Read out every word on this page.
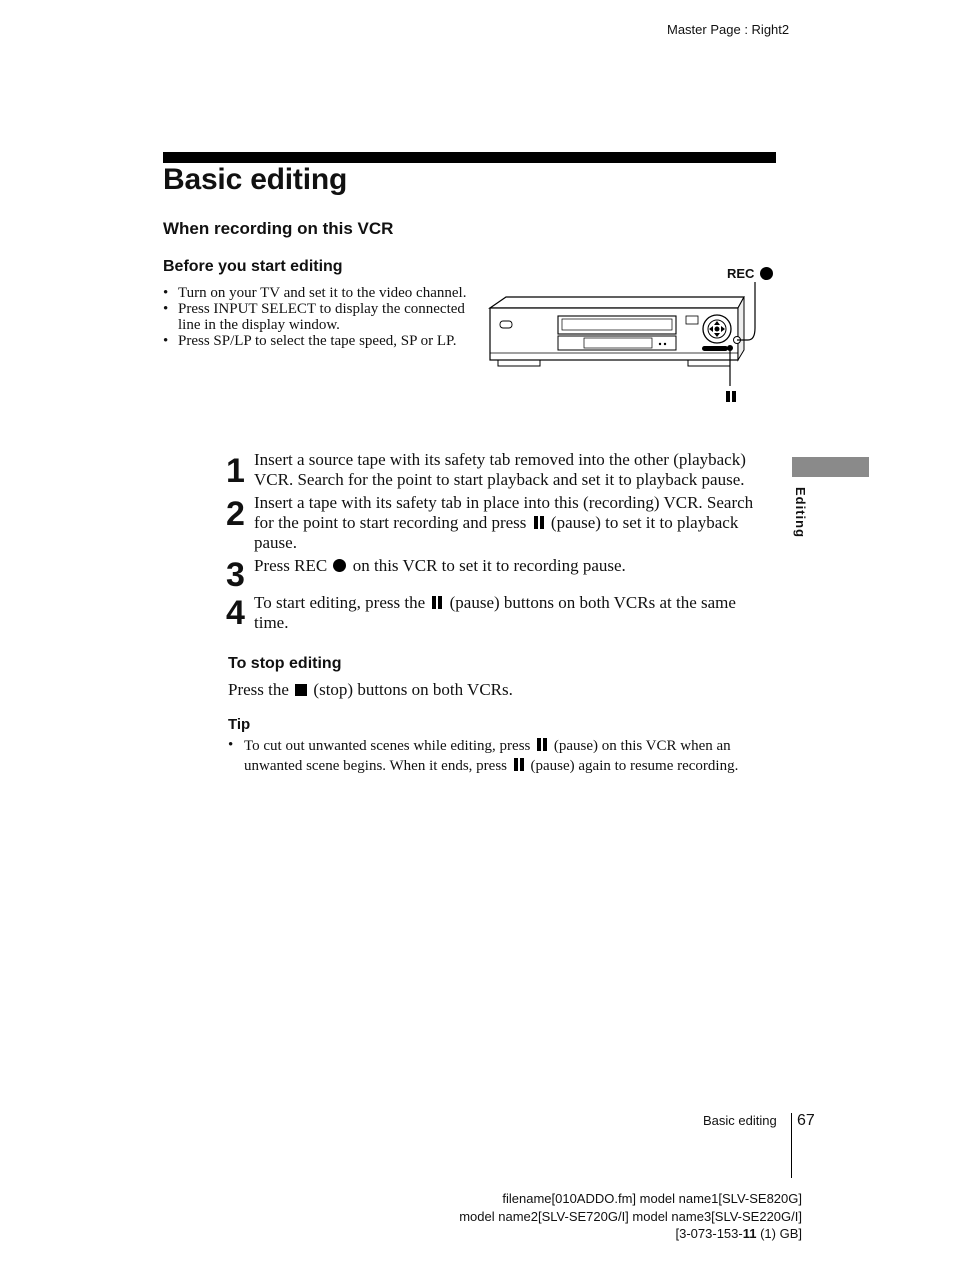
Master Page : Right2
Basic editing
When recording on this VCR
Before you start editing
• Turn on your TV and set it to the video channel.
• Press INPUT SELECT to display the connected line in the display window.
• Press SP/LP to select the tape speed, SP or LP.
REC
Editing
1 Insert a source tape with its safety tab removed into the other (playback) VCR. Search for the point to start playback and set it to playback pause.
2 Insert a tape with its safety tab in place into this (recording) VCR. Search for the point to start recording and press (pause) to set it to playback pause.
3 Press REC on this VCR to set it to recording pause.
4 To start editing, press the (pause) buttons on both VCRs at the same time.
To stop editing
Press the (stop) buttons on both VCRs.
Tip
• To cut out unwanted scenes while editing, press (pause) on this VCR when an unwanted scene begins. When it ends, press (pause) again to resume recording.
Basic editing 67
filename[010ADDO.fm] model name1[SLV-SE820G]
model name2[SLV-SE720G/I] model name3[SLV-SE220G/I]
[3-073-153-11 (1) GB]
